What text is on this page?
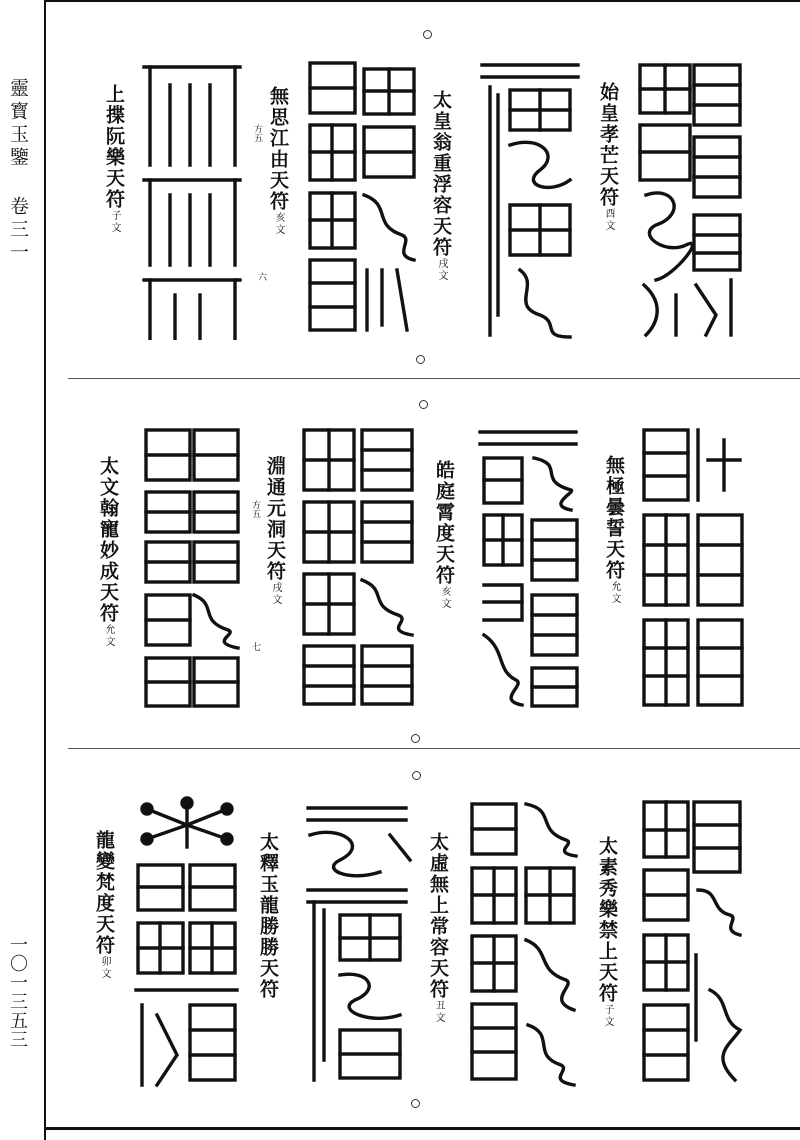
靈寳玉鑒 卷三一
一〇一三五三
始皇孝芒天符酉文
太皇翁重浮容天符戌文
無思江由天符亥文
方五
六
上揲阮樂天符子文
無極曇誓天符允文
皓庭霄度天符亥文
淵通元洞天符戌文
方五
七
太文翰寵妙成天符允文
太素秀樂禁上天符子文
太虛無上常容天符丑文
太釋玉龍勝勝天符
龍變梵度天符卯文
